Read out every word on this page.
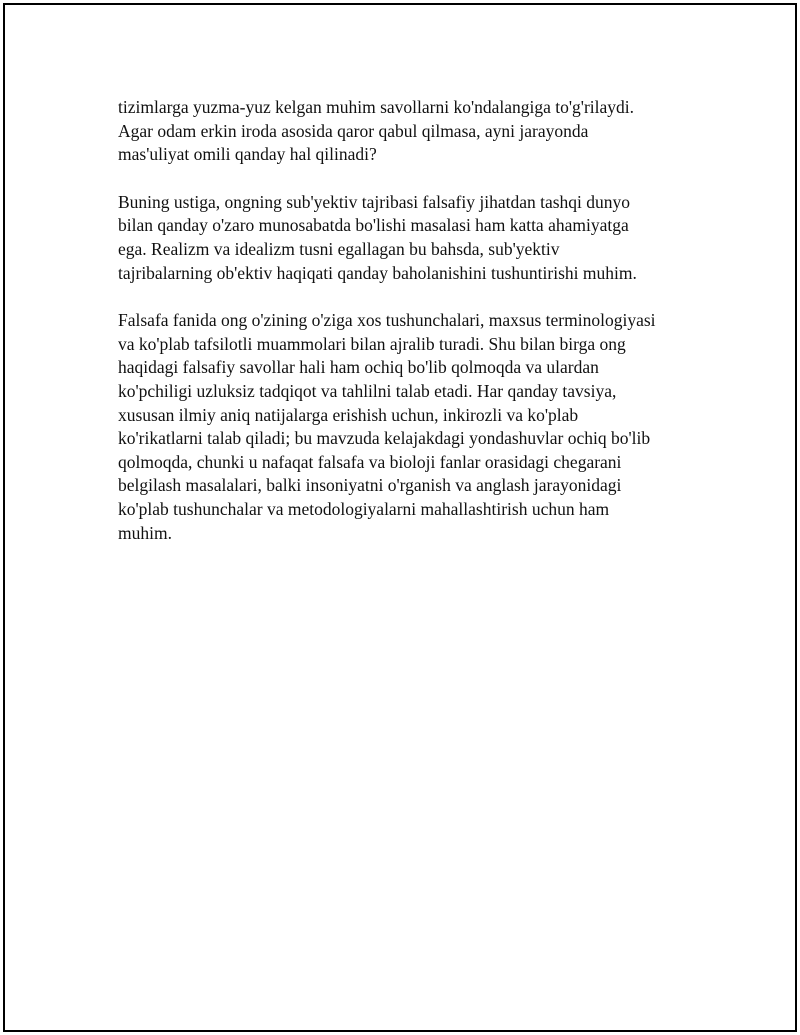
tizimlarga yuzma-yuz kelgan muhim savollarni ko'ndalangiga to'g'rilaydi.
Agar odam erkin iroda asosida qaror qabul qilmasa, ayni jarayonda
mas'uliyat omili qanday hal qilinadi?

Buning ustiga, ongning sub'yektiv tajribasi falsafiy jihatdan tashqi dunyo
bilan qanday o'zaro munosabatda bo'lishi masalasi ham katta ahamiyatga
ega. Realizm va idealizm tusni egallagan bu bahsda, sub'yektiv
tajribalarning ob'ektiv haqiqati qanday baholanishini tushuntirishi muhim.

Falsafa fanida ong o'zining o'ziga xos tushunchalari, maxsus terminologiyasi
va ko'plab tafsilotli muammolari bilan ajralib turadi. Shu bilan birga ong
haqidagi falsafiy savollar hali ham ochiq bo'lib qolmoqda va ulardan
ko'pchiligi uzluksiz tadqiqot va tahlilni talab etadi. Har qanday tavsiya,
xususan ilmiy aniq natijalarga erishish uchun, inkirozli va ko'plab
ko'rikatlarni talab qiladi; bu mavzuda kelajakdagi yondashuvlar ochiq bo'lib
qolmoqda, chunki u nafaqat falsafa va bioloji fanlar orasidagi chegarani
belgilash masalalari, balki insoniyatni o'rganish va anglash jarayonidagi
ko'plab tushunchalar va metodologiyalarni mahallashtirish uchun ham
muhim.
